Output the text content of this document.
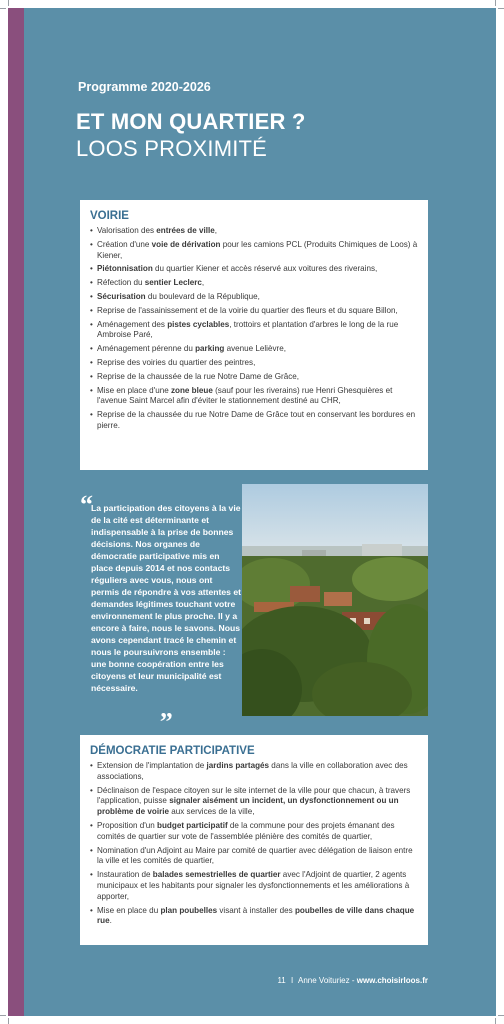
Programme 2020-2026
ET MON QUARTIER ?
LOOS PROXIMITÉ
VOIRIE
• Valorisation des entrées de ville,
• Création d'une voie de dérivation pour les camions PCL (Produits Chimiques de Loos) à Kiener,
• Piétonnisation du quartier Kiener et accès réservé aux voitures des riverains,
• Réfection du sentier Leclerc,
• Sécurisation du boulevard de la République,
• Reprise de l'assainissement et de la voirie du quartier des fleurs et du square Billon,
• Aménagement des pistes cyclables, trottoirs et plantation d'arbres le long de la rue Ambroise Paré,
• Aménagement pérenne du parking avenue Lelièvre,
• Reprise des voiries du quartier des peintres,
• Reprise de la chaussée de la rue Notre Dame de Grâce,
• Mise en place d'une zone bleue (sauf pour les riverains) rue Henri Ghesquières et l'avenue Saint Marcel afin d'éviter le stationnement destiné au CHR,
• Reprise de la chaussée du rue Notre Dame de Grâce tout en conservant les bordures en pierre.
“
La participation des citoyens à la vie de la cité est déterminante et indispensable à la prise de bonnes décisions. Nos organes de démocratie participative mis en place depuis 2014 et nos contacts réguliers avec vous, nous ont permis de répondre à vos attentes et demandes légitimes touchant votre environnement le plus proche. Il y a encore à faire, nous le savons. Nous avons cependant tracé le chemin et nous le poursuivrons ensemble : une bonne coopération entre les citoyens et leur municipalité est nécessaire.
„
DÉMOCRATIE PARTICIPATIVE
• Extension de l'implantation de jardins partagés dans la ville en collaboration avec des associations,
• Déclinaison de l'espace citoyen sur le site internet de la ville pour que chacun, à travers l'application, puisse signaler aisément un incident, un dysfonctionnement ou un problème de voirie aux services de la ville,
• Proposition d'un budget participatif de la commune pour des projets émanant des comités de quartier sur vote de l'assemblée plénière des comités de quartier,
• Nomination d'un Adjoint au Maire par comité de quartier avec délégation de liaison entre la ville et les comités de quartier,
• Instauration de balades semestrielles de quartier avec l'Adjoint de quartier, 2 agents municipaux et les habitants pour signaler les dysfonctionnements et les améliorations à apporter,
• Mise en place du plan poubelles visant à installer des poubelles de ville dans chaque rue.
11 I Anne Voituriez - www.choisirloos.fr
